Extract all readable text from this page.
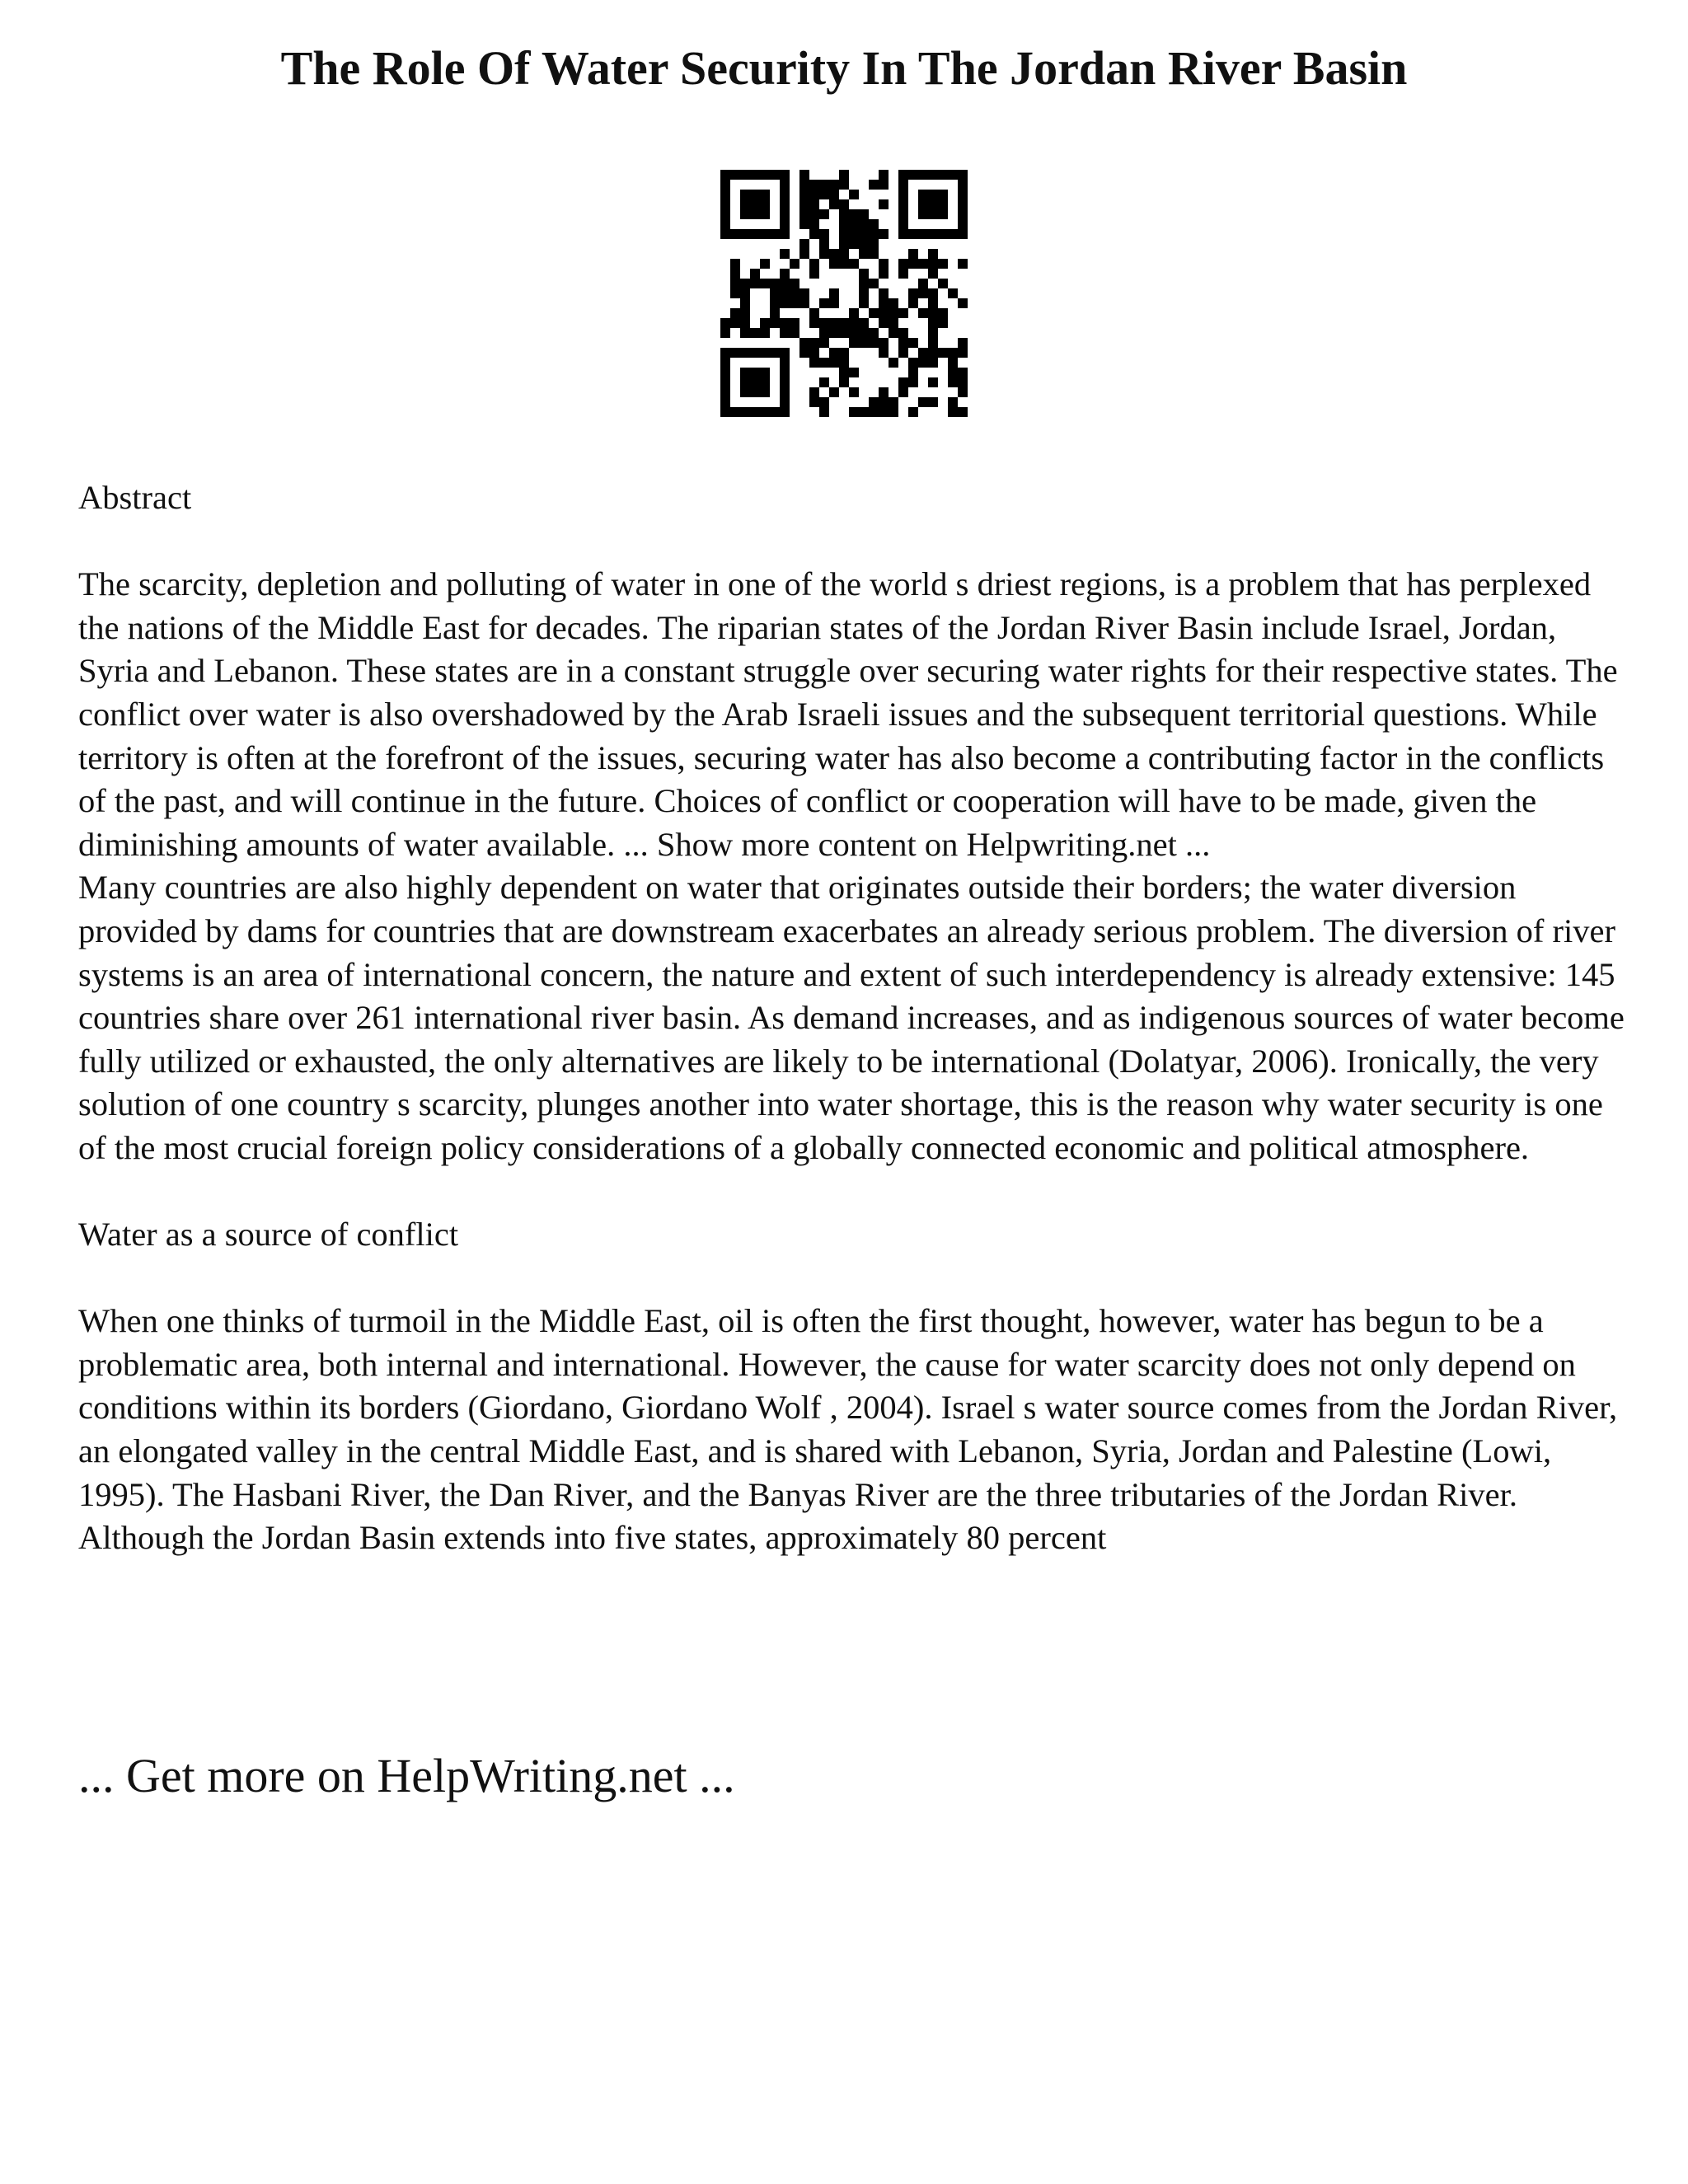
The Role Of Water Security In The Jordan River Basin

Abstract

The scarcity, depletion and polluting of water in one of the world s driest regions, is a problem that has perplexed the nations of the Middle East for decades. The riparian states of the Jordan River Basin include Israel, Jordan, Syria and Lebanon. These states are in a constant struggle over securing water rights for their respective states. The conflict over water is also overshadowed by the Arab Israeli issues and the subsequent territorial questions. While territory is often at the forefront of the issues, securing water has also become a contributing factor in the conflicts of the past, and will continue in the future. Choices of conflict or cooperation will have to be made, given the diminishing amounts of water available. ... Show more content on Helpwriting.net ...

Many countries are also highly dependent on water that originates outside their borders; the water diversion provided by dams for countries that are downstream exacerbates an already serious problem. The diversion of river systems is an area of international concern, the nature and extent of such interdependency is already extensive: 145 countries share over 261 international river basin. As demand increases, and as indigenous sources of water become fully utilized or exhausted, the only alternatives are likely to be international (Dolatyar, 2006). Ironically, the very solution of one country s scarcity, plunges another into water shortage, this is the reason why water security is one of the most crucial foreign policy considerations of a globally connected economic and political atmosphere.

Water as a source of conflict

When one thinks of turmoil in the Middle East, oil is often the first thought, however, water has begun to be a problematic area, both internal and international. However, the cause for water scarcity does not only depend on conditions within its borders (Giordano, Giordano Wolf , 2004). Israel s water source comes from the Jordan River, an elongated valley in the central Middle East, and is shared with Lebanon, Syria, Jordan and Palestine (Lowi, 1995). The Hasbani River, the Dan River, and the Banyas River are the three tributaries of the Jordan River. Although the Jordan Basin extends into five states, approximately 80 percent

... Get more on HelpWriting.net ...
